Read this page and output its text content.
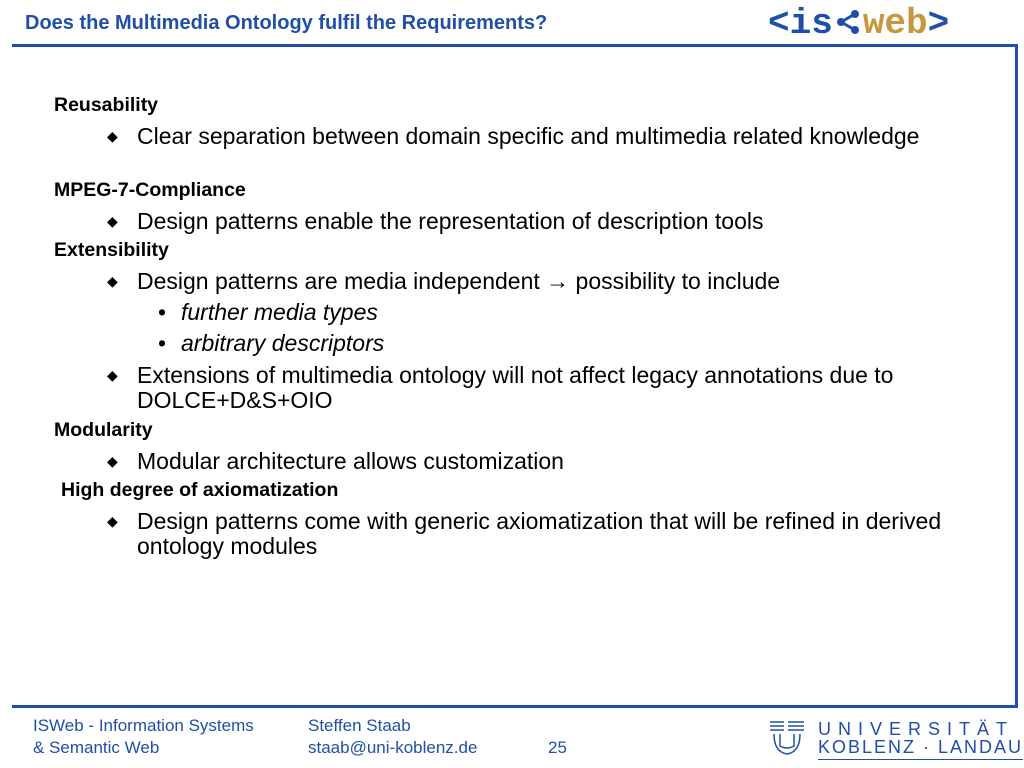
Does the Multimedia Ontology fulfil the Requirements?	<is web>
Reusability
◆ Clear separation between domain specific and multimedia related knowledge
MPEG-7-Compliance
◆ Design patterns enable the representation of description tools
Extensibility
◆ Design patterns are media independent → possibility to include
• further media types
• arbitrary descriptors
◆ Extensions of multimedia ontology will not affect legacy annotations due to DOLCE+D&S+OIO
Modularity
◆ Modular architecture allows customization
High degree of axiomatization
◆ Design patterns come with generic axiomatization that will be refined in derived ontology modules
ISWeb - Information Systems
& Semantic Web
Steffen Staab
staab@uni-koblenz.de	25
UNIVERSITÄT
KOBLENZ · LANDAU
